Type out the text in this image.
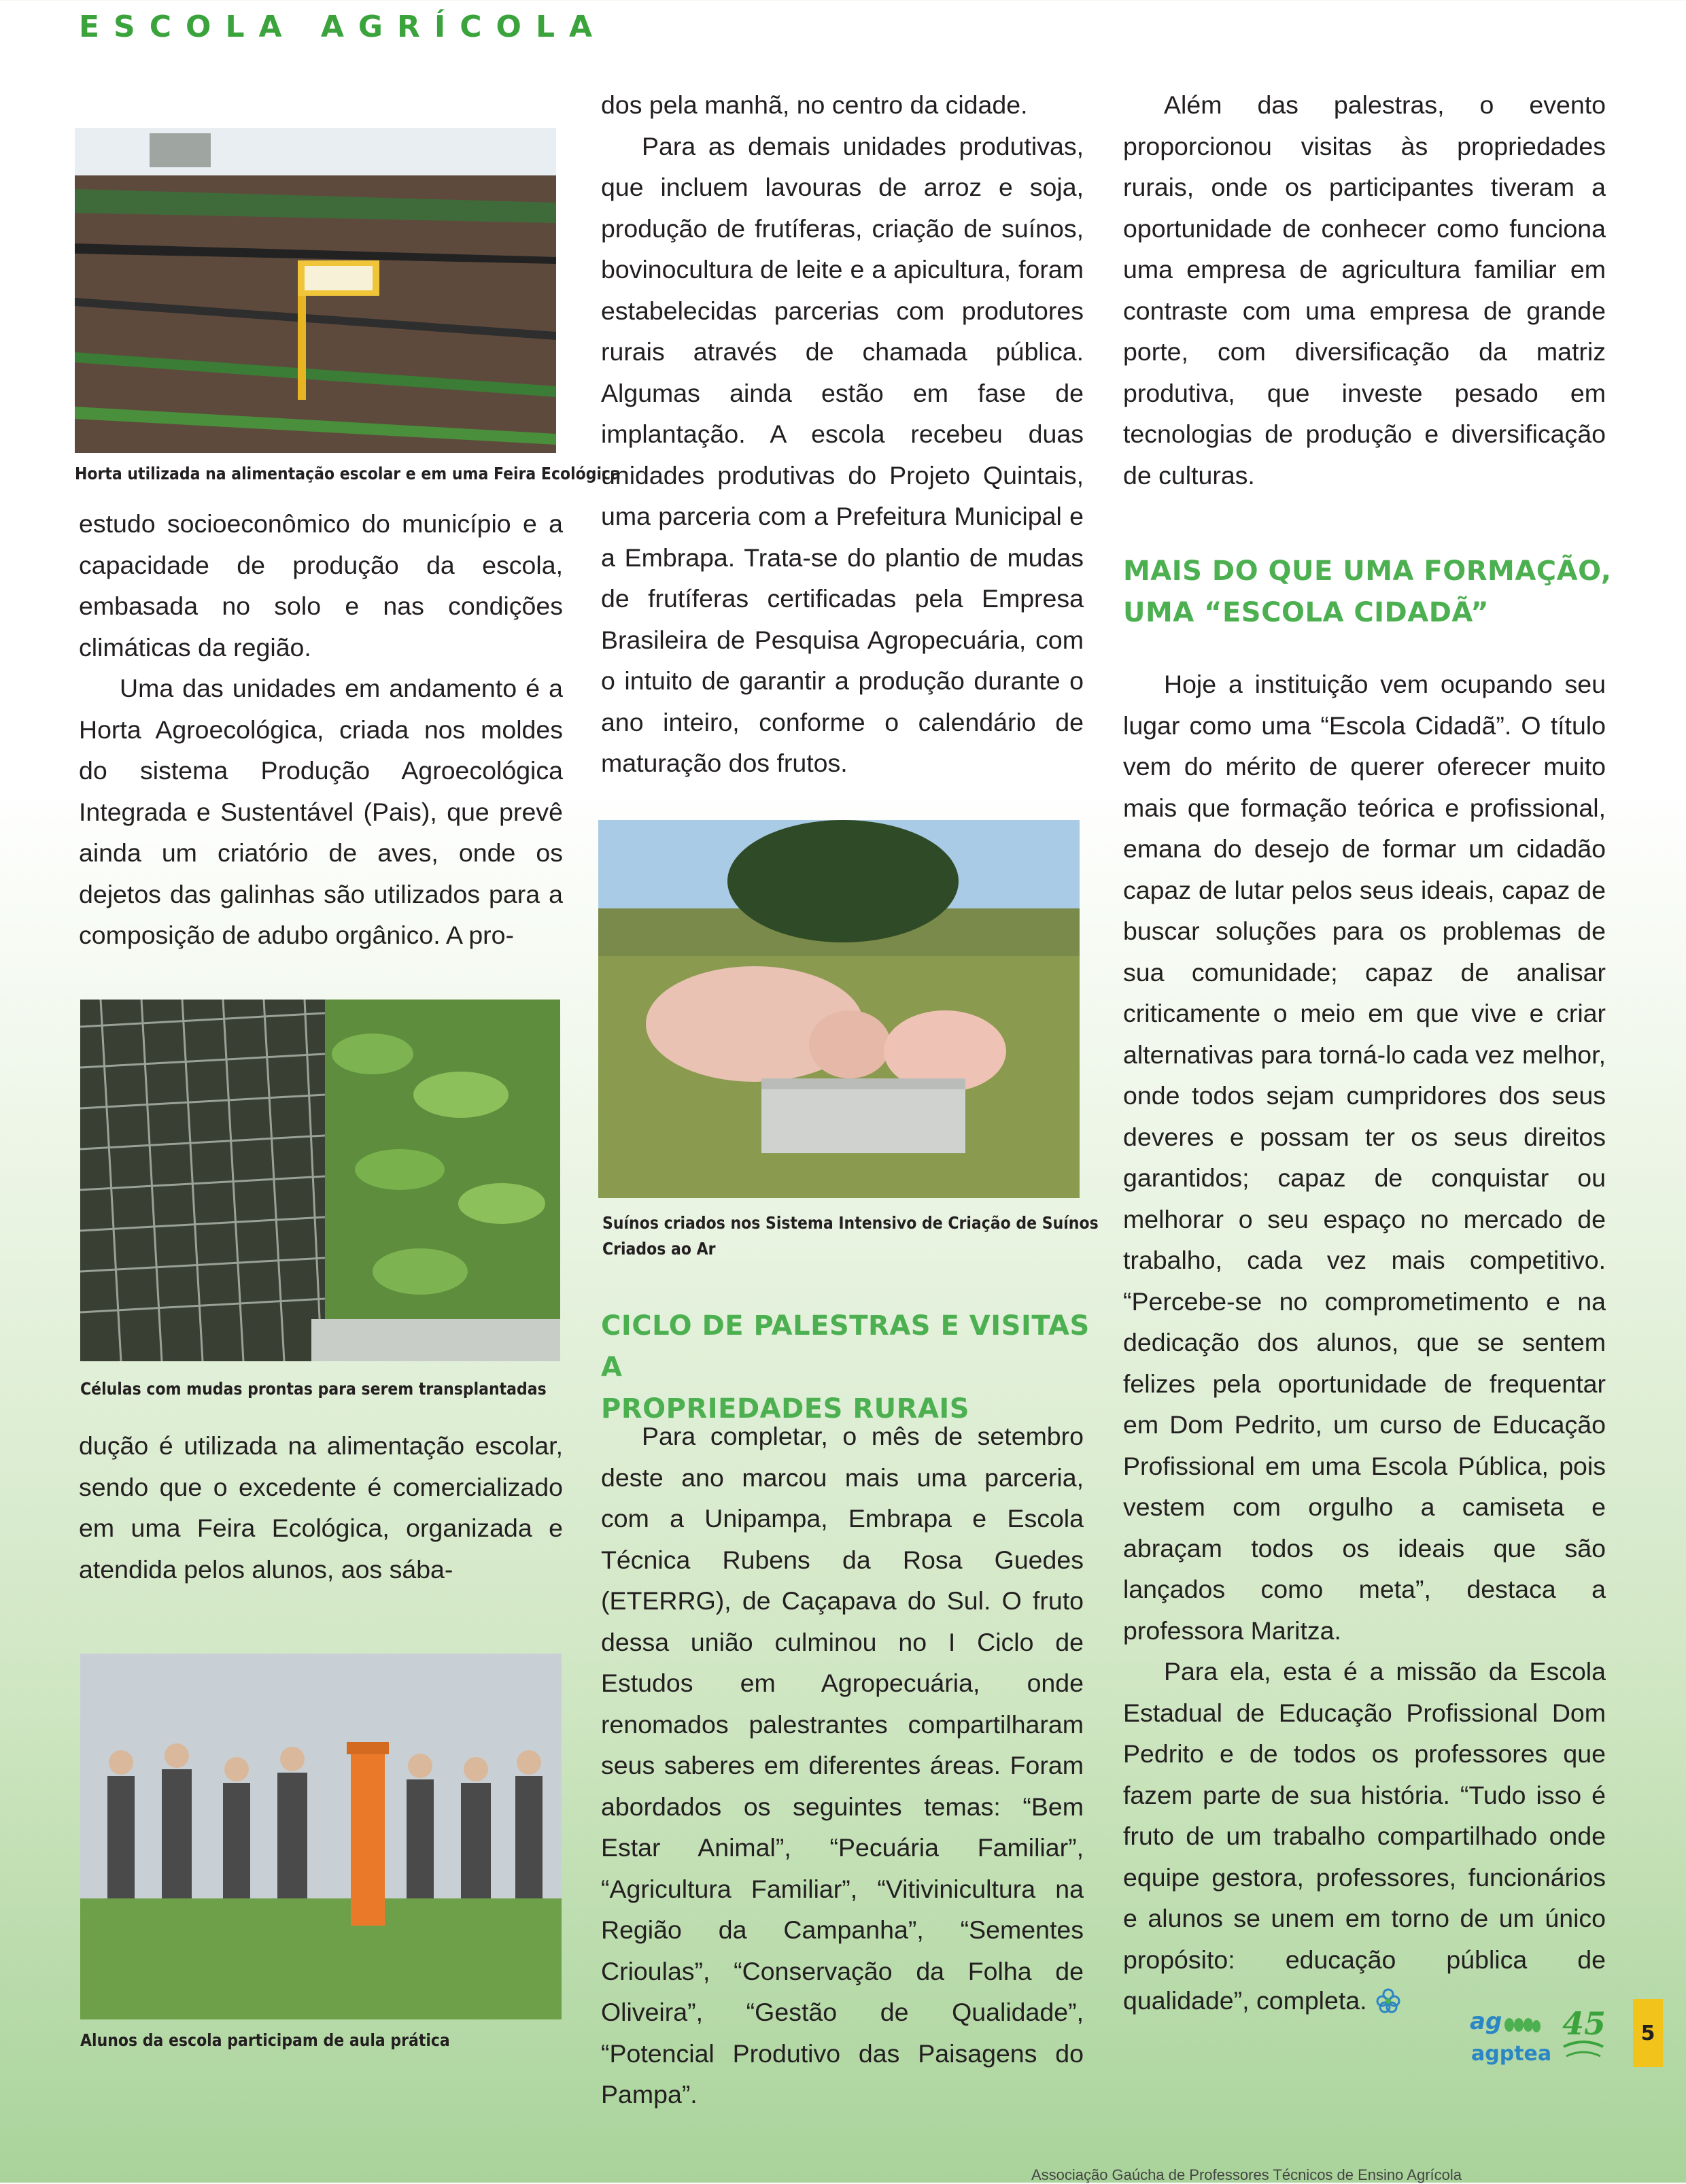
ESCOLA AGRÍCOLA
Horta utilizada na alimentação escolar e em uma Feira Ecológica

estudo socioeconômico do município e a capacidade de produção da escola, embasada no solo e nas condições climáticas da região.

Uma das unidades em andamento é a Horta Agroecológica, criada nos moldes do sistema Produção Agroecológica Integrada e Sustentável (Pais), que prevê ainda um criatório de aves, onde os dejetos das galinhas são utilizados para a composição de adubo orgânico. A pro-

Células com mudas prontas para serem transplantadas

dução é utilizada na alimentação escolar, sendo que o excedente é comercializado em uma Feira Ecológica, organizada e atendida pelos alunos, aos sába-

Alunos da escola participam de aula prática

dos pela manhã, no centro da cidade.

Para as demais unidades produtivas, que incluem lavouras de arroz e soja, produção de frutíferas, criação de suínos, bovinocultura de leite e a apicultura, foram estabelecidas parcerias com produtores rurais através de chamada pública. Algumas ainda estão em fase de implantação. A escola recebeu duas unidades produtivas do Projeto Quintais, uma parceria com a Prefeitura Municipal e a Embrapa. Trata-se do plantio de mudas de frutíferas certificadas pela Empresa Brasileira de Pesquisa Agropecuária, com o intuito de garantir a produção durante o ano inteiro, conforme o calendário de maturação dos frutos.

Suínos criados nos Sistema Intensivo de Criação de Suínos
Criados ao Ar
CICLO DE PALESTRAS E VISITAS A
PROPRIEDADES RURAIS

Para completar, o mês de setembro deste ano marcou mais uma parceria, com a Unipampa, Embrapa e Escola Técnica Rubens da Rosa Guedes (ETERRG), de Caçapava do Sul. O fruto dessa união culminou no I Ciclo de Estudos em Agropecuária, onde renomados palestrantes compartilharam seus saberes em diferentes áreas. Foram abordados os seguintes temas: “Bem Estar Animal”, “Pecuária Familiar”, “Agricultura Familiar”, “Vitivinicultura na Região da Campanha”, “Sementes Crioulas”, “Conservação da Folha de Oliveira”, “Gestão de Qualidade”, “Potencial Produtivo das Paisagens do Pampa”.

Além das palestras, o evento proporcionou visitas às propriedades rurais, onde os participantes tiveram a oportunidade de conhecer como funciona uma empresa de agricultura familiar em contraste com uma empresa de grande porte, com diversificação da matriz produtiva, que investe pesado em tecnologias de produção e diversificação de culturas.

MAIS DO QUE UMA FORMAÇÃO,
UMA “ESCOLA CIDADÃ”

Hoje a instituição vem ocupando seu lugar como uma “Escola Cidadã”. O título vem do mérito de querer oferecer muito mais que formação teórica e profissional, emana do desejo de formar um cidadão capaz de lutar pelos seus ideais, capaz de buscar soluções para os problemas de sua comunidade; capaz de analisar criticamente o meio em que vive e criar alternativas para torná-lo cada vez melhor, onde todos sejam cumpridores dos seus deveres e possam ter os seus direitos garantidos; capaz de conquistar ou melhorar o seu espaço no mercado de trabalho, cada vez mais competitivo. “Percebe-se no comprometimento e na dedicação dos alunos, que se sentem felizes pela oportunidade de frequentar em Dom Pedrito, um curso de Educação Profissional em uma Escola Pública, pois vestem com orgulho a camiseta e abraçam todos os ideais que são lançados como meta”, destaca a professora Maritza.

Para ela, esta é a missão da Escola Estadual de Educação Profissional Dom Pedrito e de todos os professores que fazem parte de sua história. “Tudo isso é fruto de um trabalho compartilhado onde equipe gestora, professores, funcionários e alunos se unem em torno de um único propósito: educação pública de qualidade”, completa.

Associação Gaúcha de Professores Técnicos de Ensino Agrícola
ag
agptea
45	5
